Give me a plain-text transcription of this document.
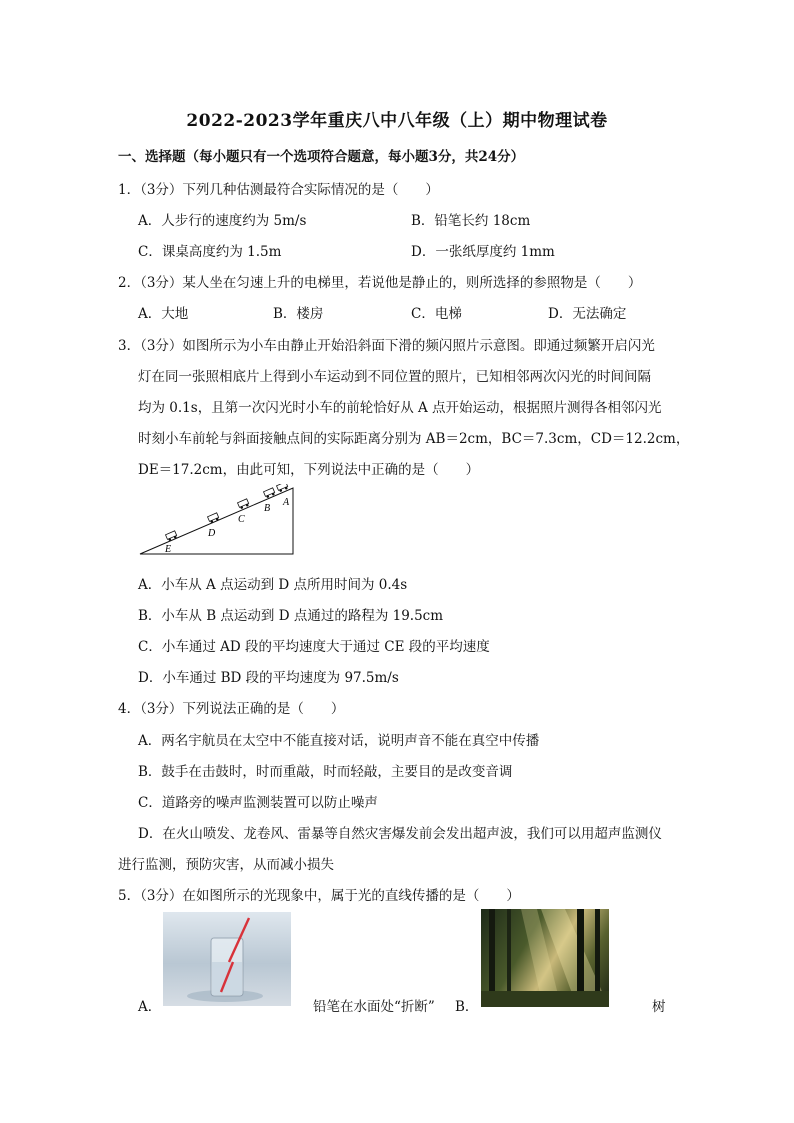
2022-2023学年重庆八中八年级（上）期中物理试卷
一、选择题（每小题只有一个选项符合题意，每小题3分，共24分）
1．（3分）下列几种估测最符合实际情况的是（　　）
A．人步行的速度约为 5m/s	B．铅笔长约 18cm
C．课桌高度约为 1.5m	D．一张纸厚度约 1mm
2．（3分）某人坐在匀速上升的电梯里，若说他是静止的，则所选择的参照物是（　　）
A．大地	B．楼房	C．电梯	D．无法确定
3．（3分）如图所示为小车由静止开始沿斜面下滑的频闪照片示意图。即通过频繁开启闪光
灯在同一张照相底片上得到小车运动到不同位置的照片，已知相邻两次闪光的时间间隔
均为 0.1s，且第一次闪光时小车的前轮恰好从 A 点开始运动，根据照片测得各相邻闪光
时刻小车前轮与斜面接触点间的实际距离分别为 AB＝2cm，BC＝7.3cm，CD＝12.2cm，
DE＝17.2cm，由此可知，下列说法中正确的是（　　）
A
B
C
D
E
A．小车从 A 点运动到 D 点所用时间为 0.4s
B．小车从 B 点运动到 D 点通过的路程为 19.5cm
C．小车通过 AD 段的平均速度大于通过 CE 段的平均速度
D．小车通过 BD 段的平均速度为 97.5m/s
4．（3分）下列说法正确的是（　　）
A．两名宇航员在太空中不能直接对话，说明声音不能在真空中传播
B．鼓手在击鼓时，时而重敲，时而轻敲，主要目的是改变音调
C．道路旁的噪声监测装置可以防止噪声
D．在火山喷发、龙卷风、雷暴等自然灾害爆发前会发出超声波，我们可以用超声监测仪
进行监测，预防灾害，从而减小损失
5．（3分）在如图所示的光现象中，属于光的直线传播的是（　　）
A．	铅笔在水面处“折断” B．	树
